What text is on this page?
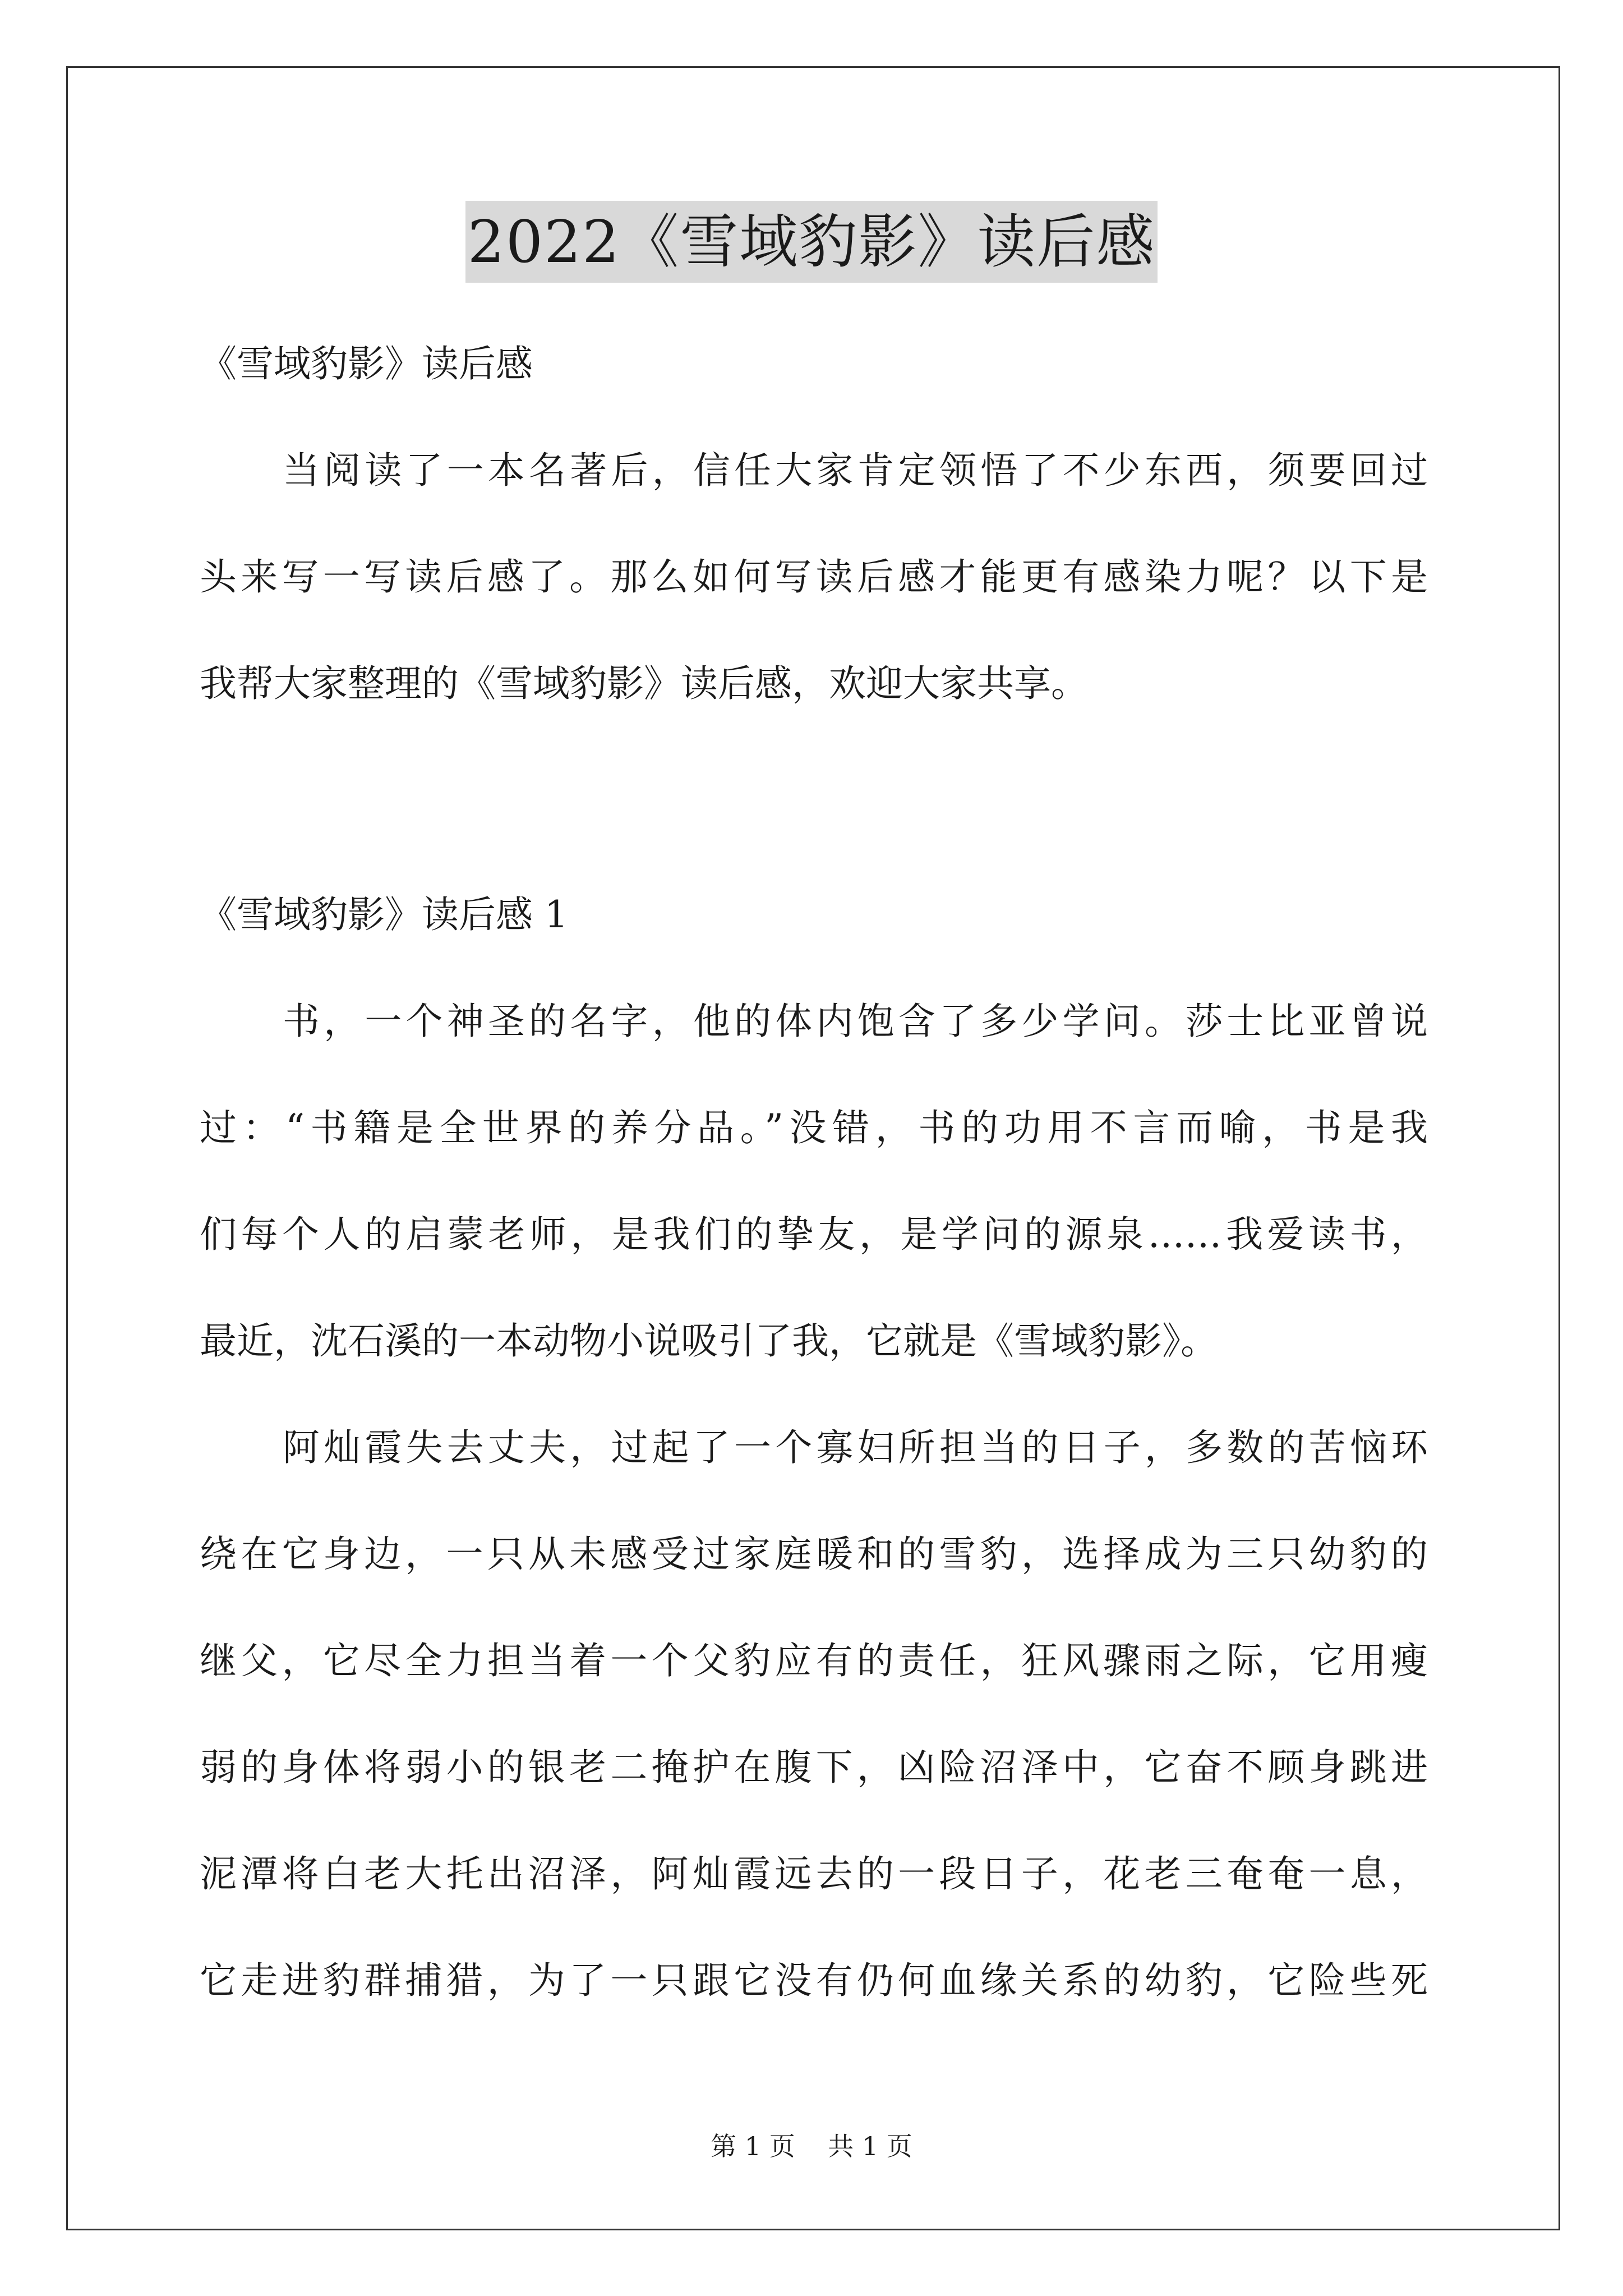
2022《雪域豹影》读后感
《雪域豹影》读后感
当阅读了一本名著后，信任大家肯定领悟了不少东西，须要回过
头来写一写读后感了。那么如何写读后感才能更有感染力呢？以下是
我帮大家整理的《雪域豹影》读后感，欢迎大家共享。
《雪域豹影》读后感 1
书，一个神圣的名字，他的体内饱含了多少学问。莎士比亚曾说
过：“书籍是全世界的养分品。”没错，书的功用不言而喻，书是我
们每个人的启蒙老师，是我们的挚友，是学问的源泉……我爱读书，
最近，沈石溪的一本动物小说吸引了我，它就是《雪域豹影》。
阿灿霞失去丈夫，过起了一个寡妇所担当的日子，多数的苦恼环
绕在它身边，一只从未感受过家庭暖和的雪豹，选择成为三只幼豹的
继父，它尽全力担当着一个父豹应有的责任，狂风骤雨之际，它用瘦
弱的身体将弱小的银老二掩护在腹下，凶险沼泽中，它奋不顾身跳进
泥潭将白老大托出沼泽，阿灿霞远去的一段日子，花老三奄奄一息，
它走进豹群捕猎，为了一只跟它没有仍何血缘关系的幼豹，它险些死
第 1 页    共 1 页
